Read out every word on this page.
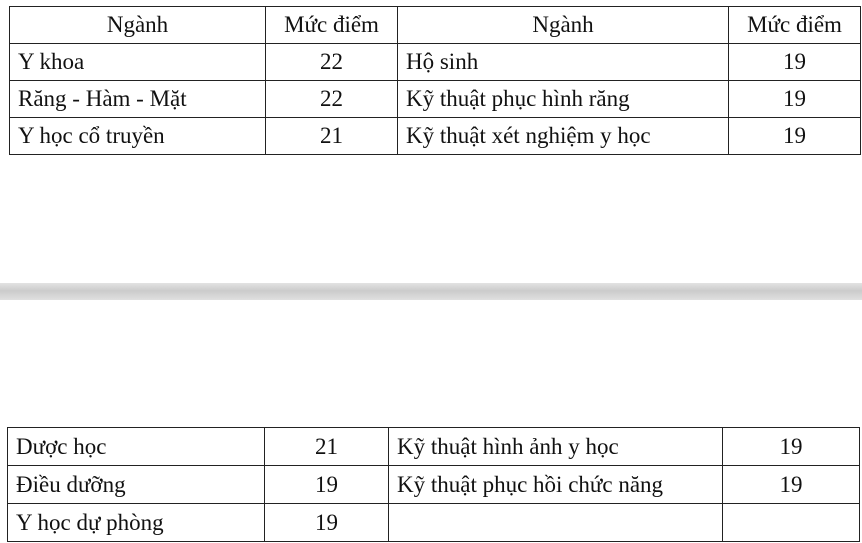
Ngành	Mức điểm	Ngành	Mức điểm
Y khoa	22	Hộ sinh	19
Răng - Hàm - Mặt	22	Kỹ thuật phục hình răng	19
Y học cổ truyền	21	Kỹ thuật xét nghiệm y học	19
Dược học	21	Kỹ thuật hình ảnh y học	19
Điều dưỡng	19	Kỹ thuật phục hồi chức năng	19
Y học dự phòng	19		
